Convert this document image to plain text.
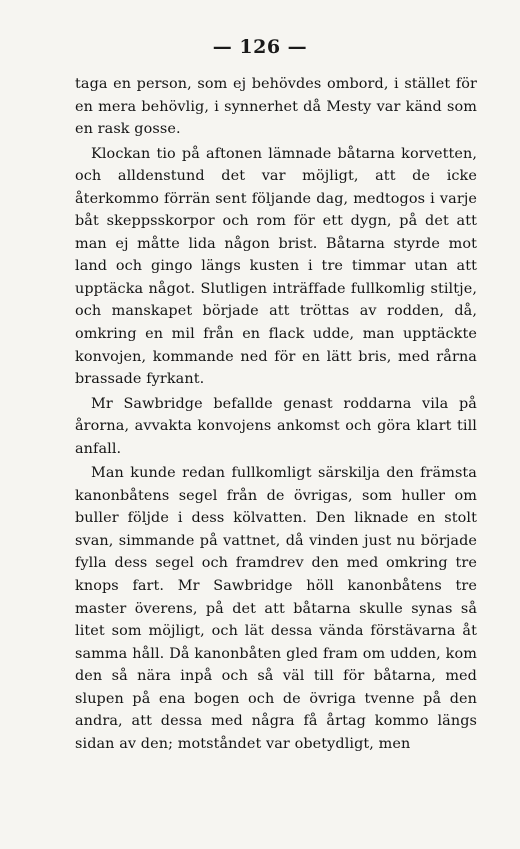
— 126 —

taga en person, som ej behövdes ombord, i stället för en mera behövlig, i synnerhet då Mesty var känd som en rask gosse.

Klockan tio på aftonen lämnade båtarna korvetten, och alldenstund det var möjligt, att de icke återkommo förrän sent följande dag, medtogos i varje båt skeppsskorpor och rom för ett dygn, på det att man ej måtte lida någon brist. Båtarna styrde mot land och gingo längs kusten i tre timmar utan att upptäcka något. Slutligen inträffade fullkomlig stiltje, och manskapet började att tröttas av rodden, då, omkring en mil från en flack udde, man upptäckte konvojen, kommande ned för en lätt bris, med rårna brassade fyrkant.

Mr Sawbridge befallde genast roddarna vila på årorna, avvakta konvojens ankomst och göra klart till anfall.

Man kunde redan fullkomligt särskilja den främsta kanonbåtens segel från de övrigas, som huller om buller följde i dess kölvatten. Den liknade en stolt svan, simmande på vattnet, då vinden just nu började fylla dess segel och framdrev den med omkring tre knops fart. Mr Sawbridge höll kanonbåtens tre master överens, på det att båtarna skulle synas så litet som möjligt, och lät dessa vända förstävarna åt samma håll. Då kanonbåten gled fram om udden, kom den så nära inpå och så väl till för båtarna, med slupen på ena bogen och de övriga tvenne på den andra, att dessa med några få årtag kommo längs sidan av den; motståndet var obetydligt, men
